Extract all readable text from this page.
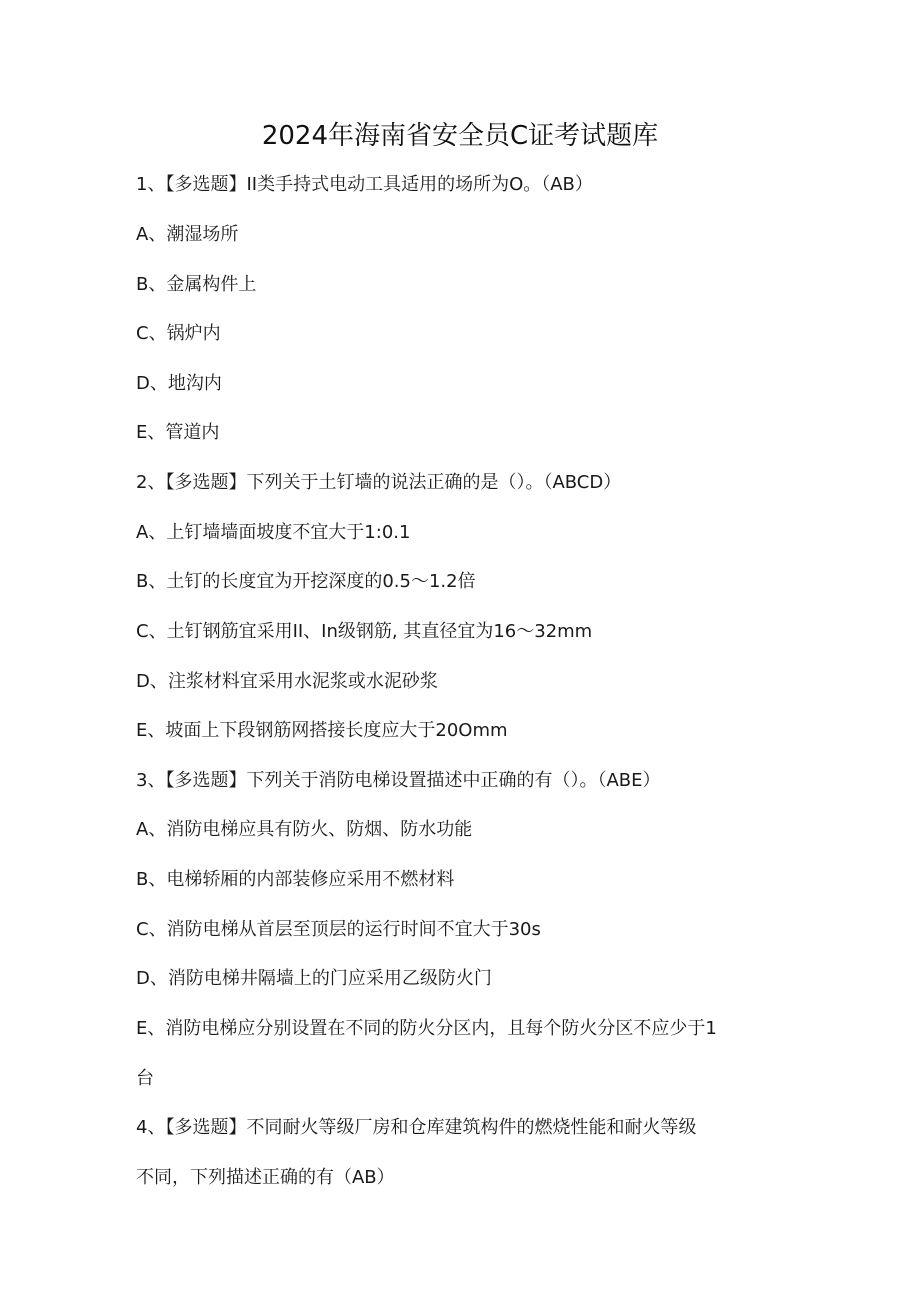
2024年海南省安全员C证考试题库
1、【多选题】II类手持式电动工具适用的场所为O。（AB）
A、潮湿场所
B、金属构件上
C、锅炉内
D、地沟内
E、管道内
2、【多选题】下列关于土钉墙的说法正确的是（）。（ABCD）
A、上钉墙墙面坡度不宜大于1:0.1
B、土钉的长度宜为开挖深度的0.5～1.2倍
C、土钉钢筋宜采用II、In级钢筋, 其直径宜为16～32mm
D、注浆材料宜采用水泥浆或水泥砂浆
E、坡面上下段钢筋网搭接长度应大于20Omm
3、【多选题】下列关于消防电梯设置描述中正确的有（）。（ABE）
A、消防电梯应具有防火、防烟、防水功能
B、电梯轿厢的内部装修应采用不燃材料
C、消防电梯从首层至顶层的运行时间不宜大于30s
D、消防电梯井隔墙上的门应采用乙级防火门
E、消防电梯应分别设置在不同的防火分区内，且每个防火分区不应少于1
台
4、【多选题】不同耐火等级厂房和仓库建筑构件的燃烧性能和耐火等级
不同，下列描述正确的有（AB）
